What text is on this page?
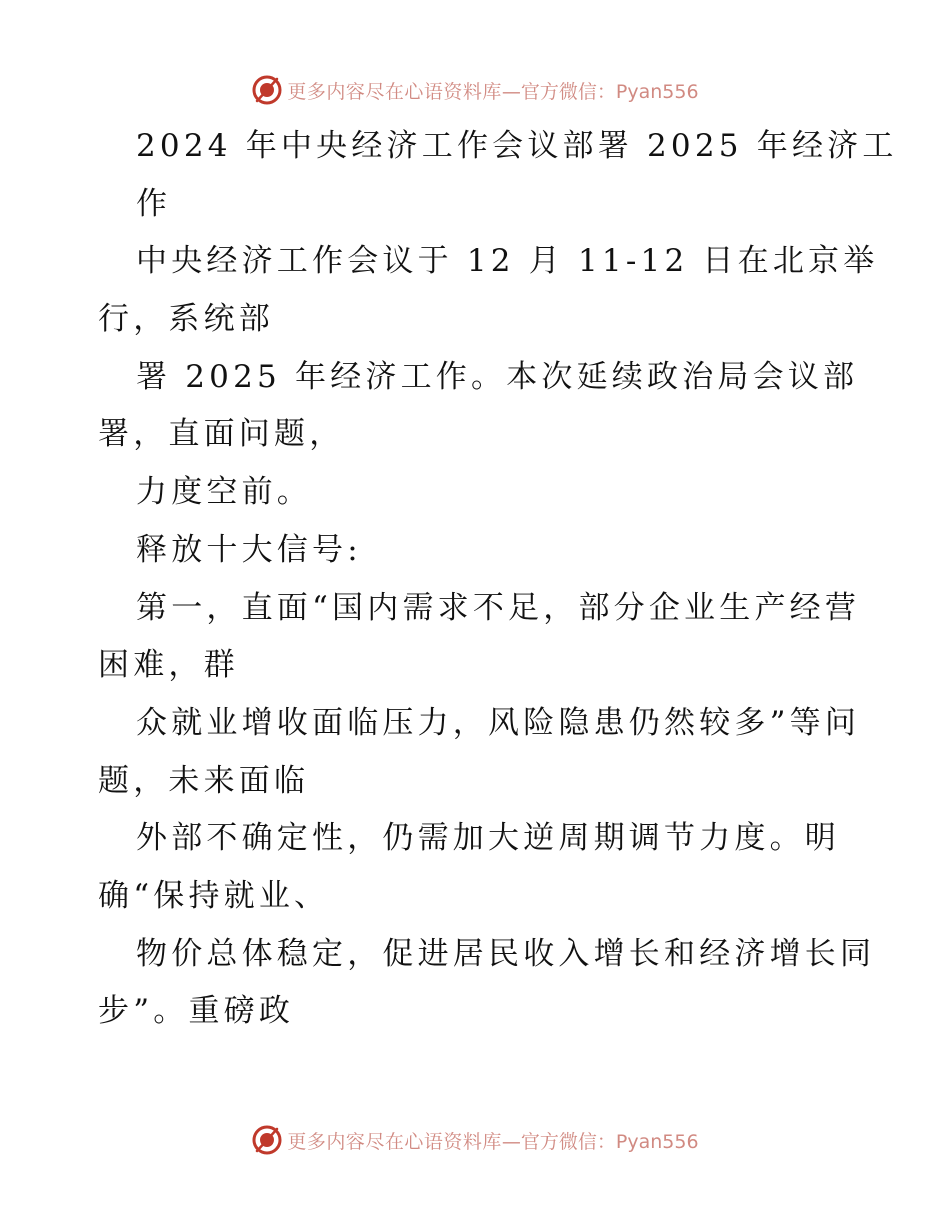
更多内容尽在心语资料库 —官方微信：Pyan556
2024 年中央经济工作会议部署 2025 年经济工
作
中央经济工作会议于 12 月 11-12 日在北京举
行，系统部
署 2025 年经济工作。本次延续政治局会议部
署，直面问题，
力度空前。
释放十大信号:
第一，直面“国内需求不足，部分企业生产经营
困难，群
众就业增收面临压力，风险隐患仍然较多”等问
题，未来面临
外部不确定性，仍需加大逆周期调节力度。明
确“保持就业、
物价总体稳定，促进居民收入增长和经济增长同
步”。重磅政
更多内容尽在心语资料库 —官方微信：Pyan556
